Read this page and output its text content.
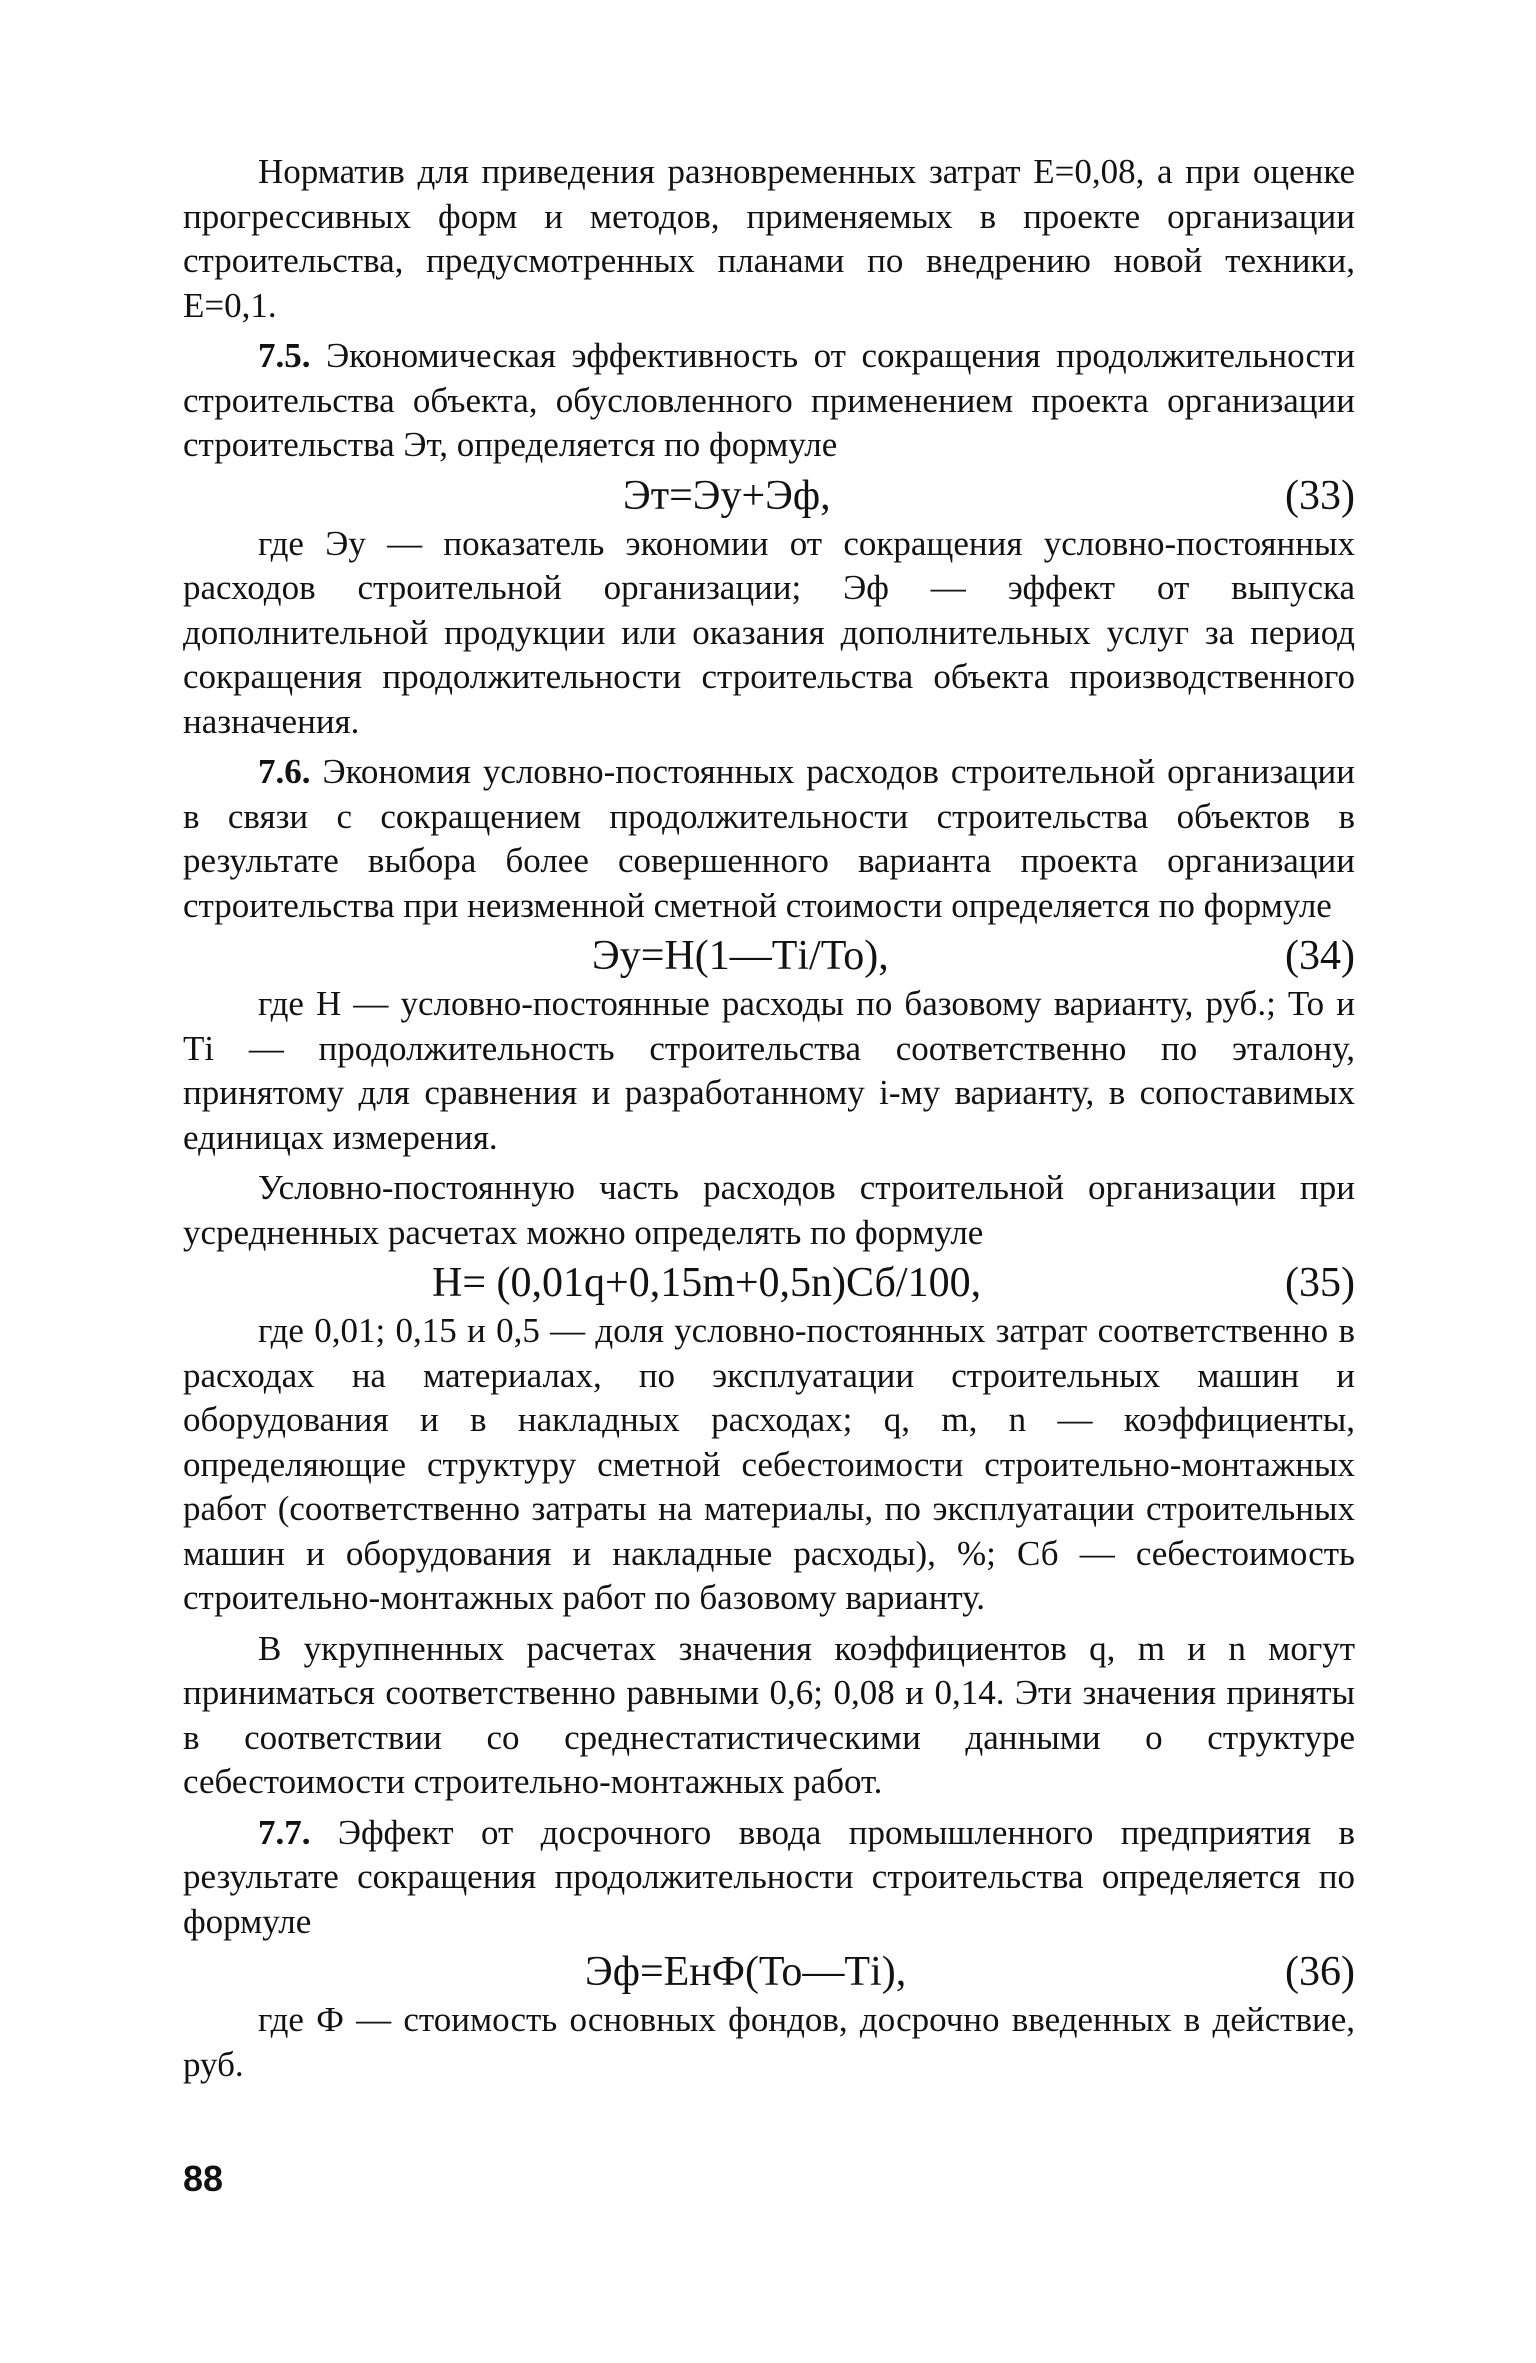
Норматив для приведения разновременных затрат Е=0,08, а при оценке прогрессивных форм и методов, применяемых в проекте организации строительства, предусмотренных планами по внедрению новой техники, Е=0,1.

7.5. Экономическая эффективность от сокращения продолжительности строительства объекта, обусловленного применением проекта организации строительства Эт, определяется по формуле

Эт=Эу+Эф,	(33)

где Эу — показатель экономии от сокращения условно-постоянных расходов строительной организации; Эф — эффект от выпуска дополнительной продукции или оказания дополнительных услуг за период сокращения продолжительности строительства объекта производственного назначения.

7.6. Экономия условно-постоянных расходов строительной организации в связи с сокращением продолжительности строительства объектов в результате выбора более совершенного варианта проекта организации строительства при неизменной сметной стоимости определяется по формуле

Эу=Н(1—Тi/То),	(34)

где Н — условно-постоянные расходы по базовому варианту, руб.; То и Тi — продолжительность строительства соответственно по эталону, принятому для сравнения и разработанному i-му варианту, в сопоставимых единицах измерения.

Условно-постоянную часть расходов строительной организации при усредненных расчетах можно определять по формуле

Н= (0,01q+0,15m+0,5n)Сб/100,	(35)

где 0,01; 0,15 и 0,5 — доля условно-постоянных затрат соответственно в расходах на материалах, по эксплуатации строительных машин и оборудования и в накладных расходах; q, m, n — коэффициенты, определяющие структуру сметной себестоимости строительно-монтажных работ (соответственно затраты на материалы, по эксплуатации строительных машин и оборудования и накладные расходы), %; Сб — себестоимость строительно-монтажных работ по базовому варианту.

В укрупненных расчетах значения коэффициентов q, m и n могут приниматься соответственно равными 0,6; 0,08 и 0,14. Эти значения приняты в соответствии со среднестатистическими данными о структуре себестоимости строительно-монтажных работ.

7.7. Эффект от досрочного ввода промышленного предприятия в результате сокращения продолжительности строительства определяется по формуле

Эф=ЕнФ(То—Тi),	(36)

где Ф — стоимость основных фондов, досрочно введенных в действие, руб.

88
